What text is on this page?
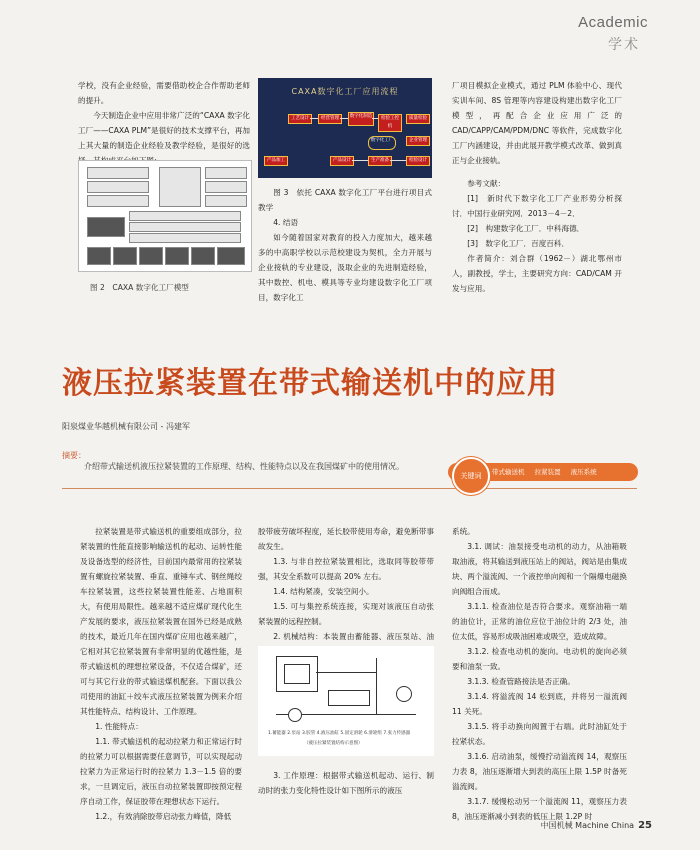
Academic
学术

学校，没有企业经验，需要借助校企合作帮助老师的提升。

今天制造企业中应用非常广泛的“CAXA 数字化工厂——CAXA PLM”是很好的技术支撑平台，再加上其大量的制造企业经验及教学经验，是很好的选

图 2　CAXA 数字化工厂模型
CAXA数字化工厂应用流程
工艺设计	经营管理	数字化制造	检验工控机
质量检验
企业管理
数字化工厂
检验设计
生产准备
产品设计
产品加工

图 3　依托 CAXA 数字化工厂平台进行项目式教学

4. 结语

如今随着国家对教育的投入力度加大，越来越多的中高职学校以示范校建设为契机，全力开展与企业接轨的专业建设，汲取企业的先进制造经验，其中数控、机电、模具等专业均建设数字化工厂项目，数字化工

厂项目模拟企业模式，通过 PLM 体验中心、现代实训车间、8S 管理等内容建设构建出数字化工厂模型，再配合企业应用广泛的 CAD/CAPP/CAM/PDM/DNC 等软件，完成数字化工厂内涵建设，并由此展开教学模式改革、做到真正与企业接轨。

参考文献：

[1]　新时代下数字化工厂产业形势分析探讨．中国行业研究网．2013－4－2．

[2]　构建数字化工厂．中科海德．

[3]　数字化工厂．百度百科．

作者简介：刘合群（1962－）湖北鄂州市人，副教授，学士，主要研究方向：CAD/CAM 开发与应用。

液压拉紧装置在带式输送机中的应用
阳泉煤业华越机械有限公司 - 冯建军
摘要：
介绍带式输送机液压拉紧装置的工作原理、结构、性能特点以及在我国煤矿中的使用情况。
关键词	带式输送机 拉紧装置 液压系统

拉紧装置是带式输送机的重要组成部分，拉紧装置的性能直接影响输送机的起动、运转性能及设备选型的经济性，目前国内最常用的拉紧装置有螺旋拉紧装置、垂直、重锤车式、钢丝绳绞车拉紧装置，这些拉紧装置性能差、占地面积大，有使用局限性。越来越不适应煤矿现代化生产发展的要求，液压拉紧装置在国外已经是成熟的技术，最近几年在国内煤矿应用也越来越广，它相对其它拉紧装置有非常明显的优越性能，是带式输送机的理想拉紧设备，不仅适合煤矿，还可与其它行业的带式输送煤机配套。下面以我公司使用的油缸＋绞车式液压拉紧装置为例来介绍其性能特点、结构设计、工作原理。

1. 性能特点：

1.1. 带式输送机的起动拉紧力和正常运行时的拉紧力可以根据需要任意调节，可以实现起动拉紧力为正常运行时的拉紧力 1.3－1.5 倍的要求，一旦调定后，液压自动拉紧装置即按预定程序自动工作，保证胶带在理想状态下运行。

1.2.，有效消除胶带启动张力峰值，降低

胶带疲劳破坏程度，延长胶带使用寿命，避免断带事故发生。

1.3. 与非自控拉紧装置相比，选取同等胶带带强，其安全系数可以提高 20% 左右。

1.4. 结构紧凑，安装空间小。

1.5. 可与集控系统连接，实现对该液压自动张紧装置的远程控制。

2. 机械结构：本装置由蓄能器、液压泵站、油

1.蓄能器 2.泵站 3.胶管 4.液压油缸 5.固定滑轮 6.滑轮组 7.张力传感器
（液压拉紧装置结构示意图）

3. 工作原理：根据带式输送机起动、运行、制动时的张力变化特性设计如下图所示的液压

系统。

3.1. 调试：油泵接受电动机的动力，从油箱吸取油液，将其输送到液压站上的阀站，阀站是由集成块、两个溢流阀、一个液控单向阀和一个隔爆电磁换向阀组合而成。

3.1.1. 检查油位是否符合要求。观察油箱一端的油位计，正常的油位应位于油位计的 2/3 处，油位太低，容易形成吸油困难或吸空，造成故障。

3.1.2. 检查电动机的旋向。电动机的旋向必须要和油泵一致。

3.1.3. 检查管路接法是否正确。

3.1.4. 将溢流阀 14 松到底，并将另一溢流阀 11 关死。

3.1.5. 将手动换向阀置于右端。此时油缸处于拉紧状态。

3.1.6. 启动油泵，缓慢拧动溢流阀 14，观察压力表 8，油压逐渐增大到表的高压上限 1.5P 时备死溢流阀。

3.1.7. 缓慢松动另一个溢流阀 11，观察压力表 8，油压逐渐减小到表的低压上限 1.2P 时

中国机械 Machine China 25
